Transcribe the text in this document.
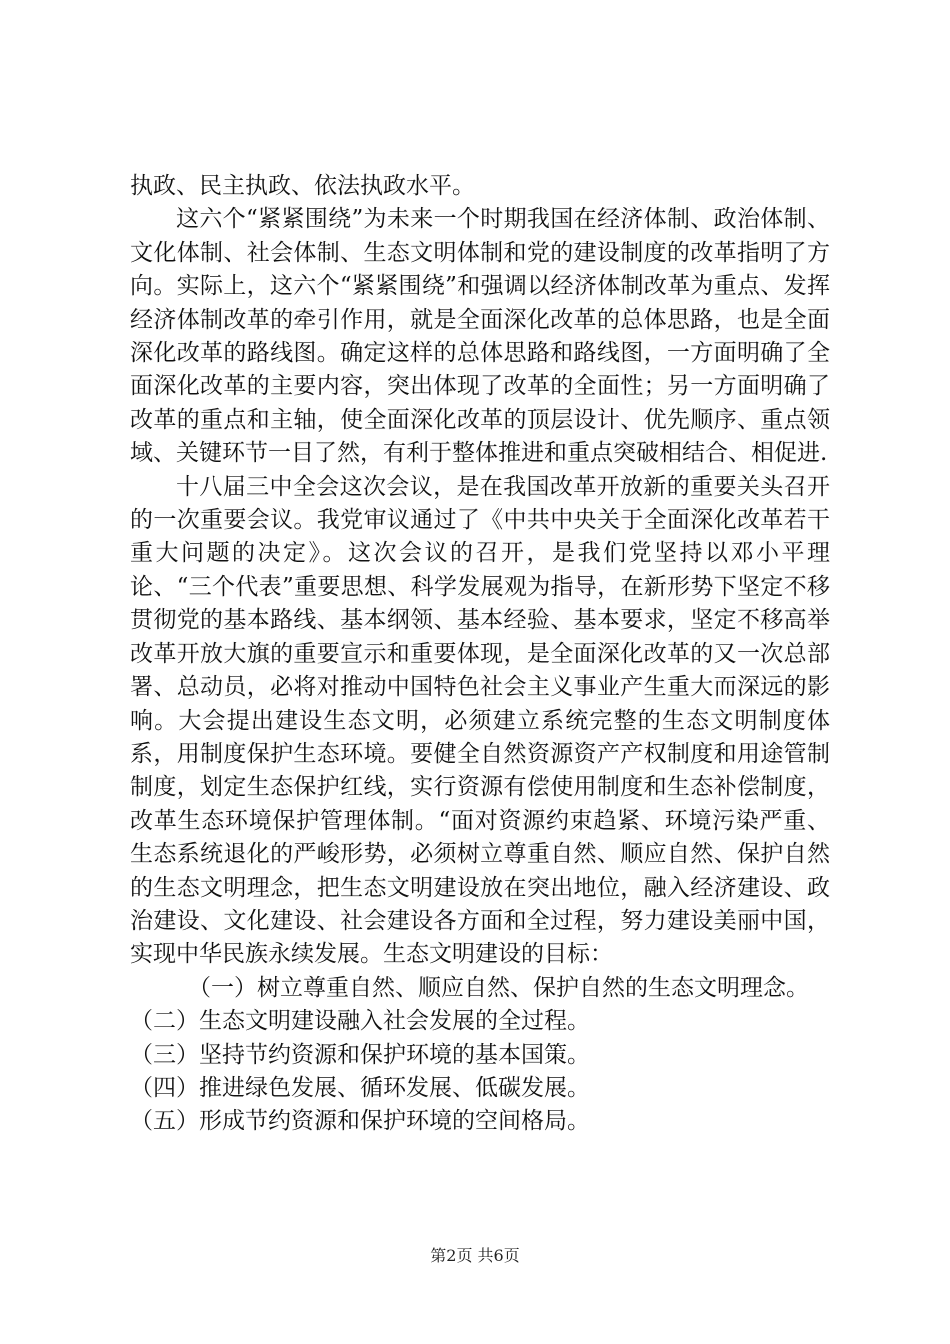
执政、民主执政、依法执政水平。

这六个“紧紧围绕”为未来一个时期我国在经济体制、政治体制、文化体制、社会体制、生态文明体制和党的建设制度的改革指明了方向。实际上，这六个“紧紧围绕”和强调以经济体制改革为重点、发挥经济体制改革的牵引作用，就是全面深化改革的总体思路，也是全面深化改革的路线图。确定这样的总体思路和路线图，一方面明确了全面深化改革的主要内容，突出体现了改革的全面性；另一方面明确了改革的重点和主轴，使全面深化改革的顶层设计、优先顺序、重点领域、关键环节一目了然，有利于整体推进和重点突破相结合、相促进.

十八届三中全会这次会议，是在我国改革开放新的重要关头召开的一次重要会议。我党审议通过了《中共中央关于全面深化改革若干重大问题的决定》。这次会议的召开，是我们党坚持以邓小平理论、“三个代表”重要思想、科学发展观为指导，在新形势下坚定不移贯彻党的基本路线、基本纲领、基本经验、基本要求，坚定不移高举改革开放大旗的重要宣示和重要体现，是全面深化改革的又一次总部署、总动员，必将对推动中国特色社会主义事业产生重大而深远的影响。大会提出建设生态文明，必须建立系统完整的生态文明制度体系，用制度保护生态环境。要健全自然资源资产产权制度和用途管制制度，划定生态保护红线，实行资源有偿使用制度和生态补偿制度，改革生态环境保护管理体制。“面对资源约束趋紧、环境污染严重、生态系统退化的严峻形势，必须树立尊重自然、顺应自然、保护自然的生态文明理念，把生态文明建设放在突出地位，融入经济建设、政治建设、文化建设、社会建设各方面和全过程，努力建设美丽中国，实现中华民族永续发展。生态文明建设的目标：

（一）树立尊重自然、顺应自然、保护自然的生态文明理念。

（二）生态文明建设融入社会发展的全过程。

（三）坚持节约资源和保护环境的基本国策。

（四）推进绿色发展、循环发展、低碳发展。

（五）形成节约资源和保护环境的空间格局。

第2页 共6页
